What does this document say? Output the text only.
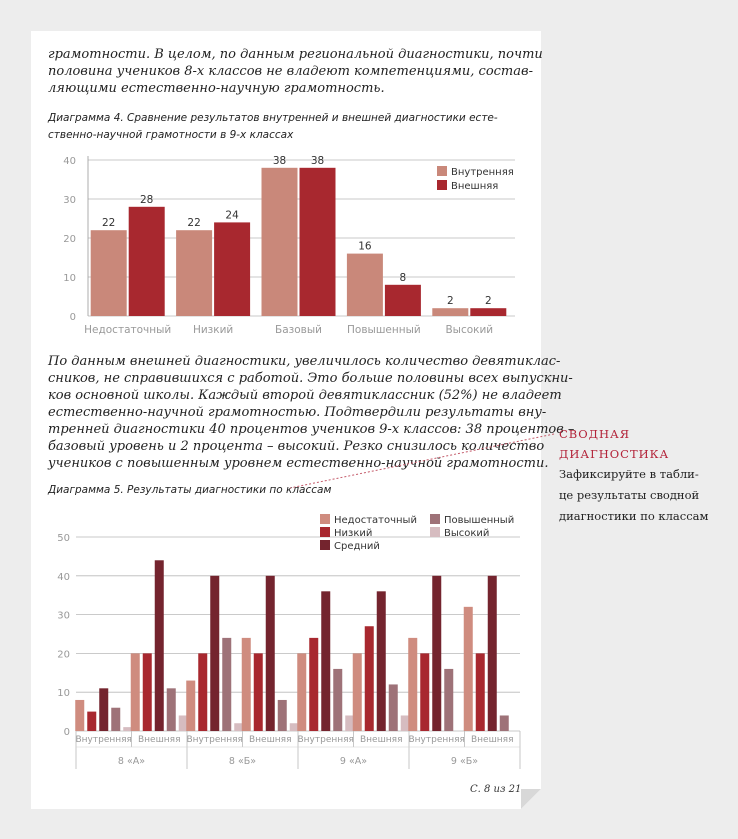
грамотности. В целом, по данным региональной диагностики, почти
половина учеников 8-х классов не владеют компетенциями, состав-
ляющими естественно-научную грамотность.
Диаграмма 4. Сравнение результатов внутренней и внешней диагностики есте-
ственно-научной грамотности в 9-х классах
0
10
20
30
40
22
28
Недостаточный
22
24
Низкий
38 38
Базовый
16
8
Повышенный
2	2
Высокий
Внутренняя
Внешняя
По данным внешней диагностики, увеличилось количество девятиклас-
сников, не справившихся с работой. Это больше половины всех выпускни-
ков основной школы. Каждый второй девятиклассник (52%) не владеет
естественно-научной грамотностью. Подтвердили результаты вну-
тренней диагностики 40 процентов учеников 9-х классов: 38 процентов –
базовый уровень и 2 процента – высокий. Резко снизилось количество
учеников с повышенным уровнем естественно-научной грамотности.
Диаграмма 5. Результаты диагностики по классам
0
10
20
30
40
50
Внутренняя Внешняя Внутренняя Внешняя Внутренняя Внешняя Внутренняя Внешняя
8 «А»	8 «Б»	9 «А»	9 «Б»
Недостаточный
Низкий
Средний
Повышенный
Высокий
СВОДНАЯ
ДИАГНОСТИКА
Зафиксируйте в табли-
це результаты сводной
диагностики по классам
С. 8 из 21
